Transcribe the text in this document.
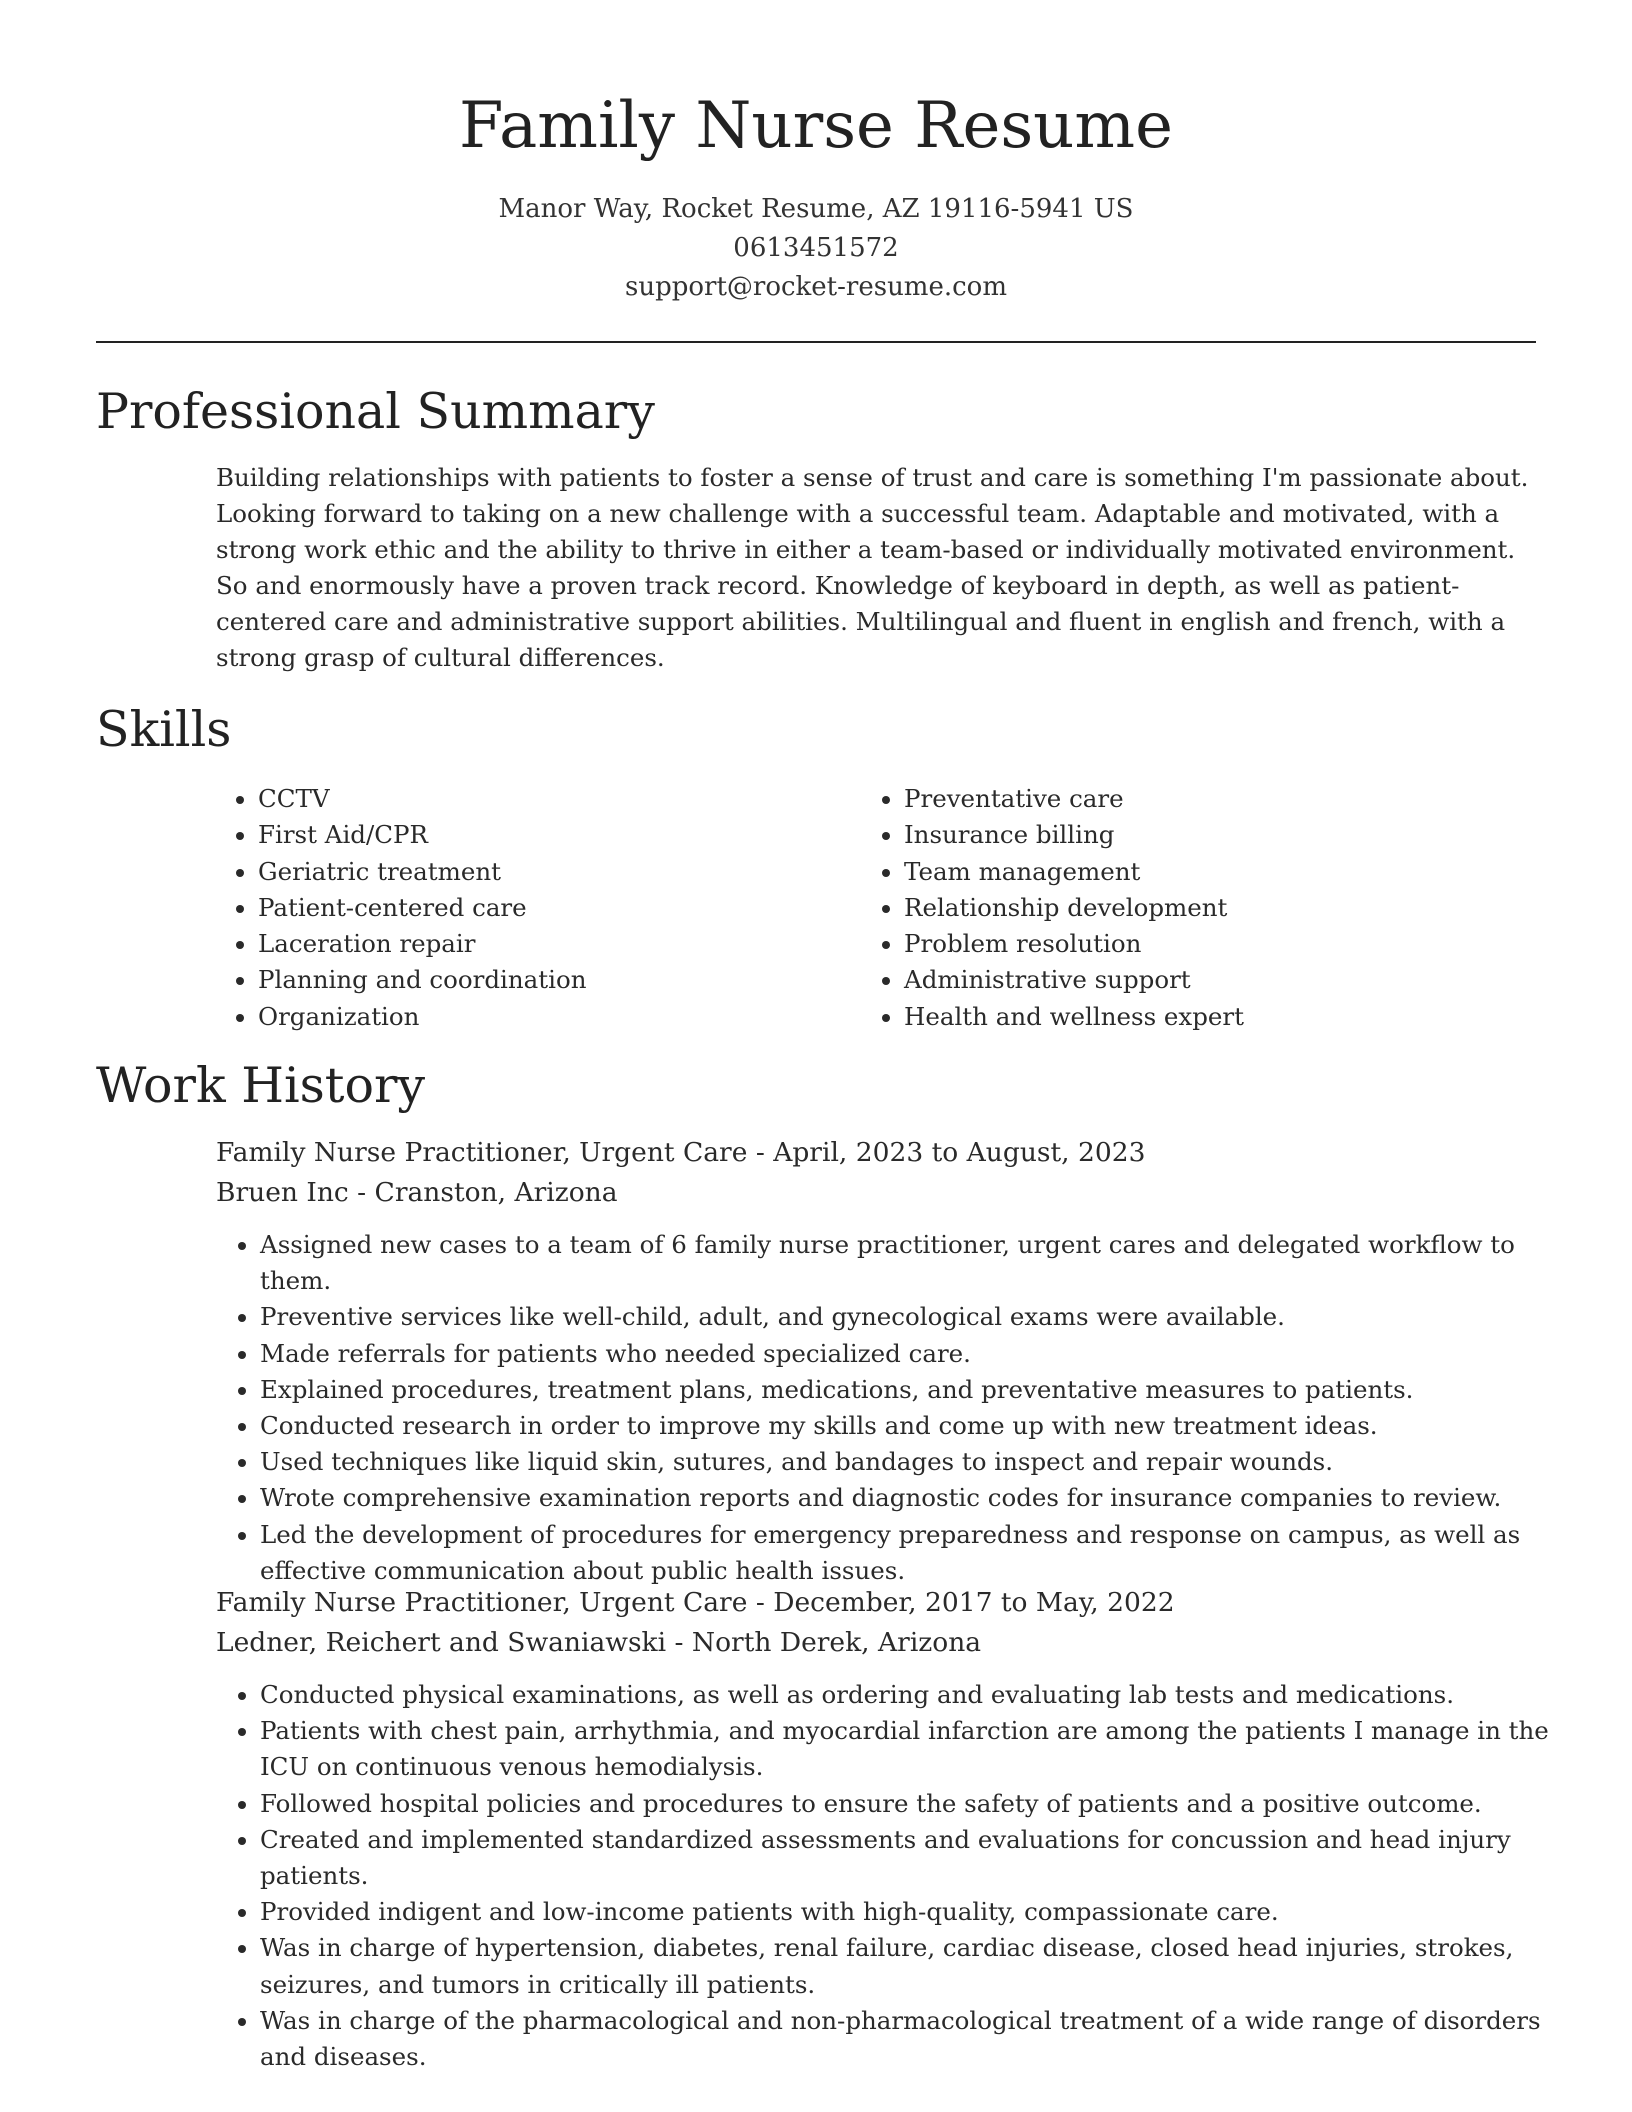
Family Nurse Resume
Manor Way, Rocket Resume, AZ 19116-5941 US
0613451572
support@rocket-resume.com
Professional Summary

Building relationships with patients to foster a sense of trust and care is something I'm passionate about. Looking forward to taking on a new challenge with a successful team. Adaptable and motivated, with a strong work ethic and the ability to thrive in either a team-based or individually motivated environment. So and enormously have a proven track record. Knowledge of keyboard in depth, as well as patient-centered care and administrative support abilities. Multilingual and fluent in english and french, with a strong grasp of cultural differences.

Skills
• CCTV
• First Aid/CPR
• Geriatric treatment
• Patient-centered care
• Laceration repair
• Planning and coordination
• Organization
• Preventative care
• Insurance billing
• Team management
• Relationship development
• Problem resolution
• Administrative support
• Health and wellness expert
Work History
Family Nurse Practitioner, Urgent Care - April, 2023 to August, 2023
Bruen Inc - Cranston, Arizona
• Assigned new cases to a team of 6 family nurse practitioner, urgent cares and delegated workflow to them.
• Preventive services like well-child, adult, and gynecological exams were available.
• Made referrals for patients who needed specialized care.
• Explained procedures, treatment plans, medications, and preventative measures to patients.
• Conducted research in order to improve my skills and come up with new treatment ideas.
• Used techniques like liquid skin, sutures, and bandages to inspect and repair wounds.
• Wrote comprehensive examination reports and diagnostic codes for insurance companies to review.
• Led the development of procedures for emergency preparedness and response on campus, as well as effective communication about public health issues.
Family Nurse Practitioner, Urgent Care - December, 2017 to May, 2022
Ledner, Reichert and Swaniawski - North Derek, Arizona
• Conducted physical examinations, as well as ordering and evaluating lab tests and medications.
• Patients with chest pain, arrhythmia, and myocardial infarction are among the patients I manage in the ICU on continuous venous hemodialysis.
• Followed hospital policies and procedures to ensure the safety of patients and a positive outcome.
• Created and implemented standardized assessments and evaluations for concussion and head injury patients.
• Provided indigent and low-income patients with high-quality, compassionate care.
• Was in charge of hypertension, diabetes, renal failure, cardiac disease, closed head injuries, strokes, seizures, and tumors in critically ill patients.
• Was in charge of the pharmacological and non-pharmacological treatment of a wide range of disorders and diseases.
